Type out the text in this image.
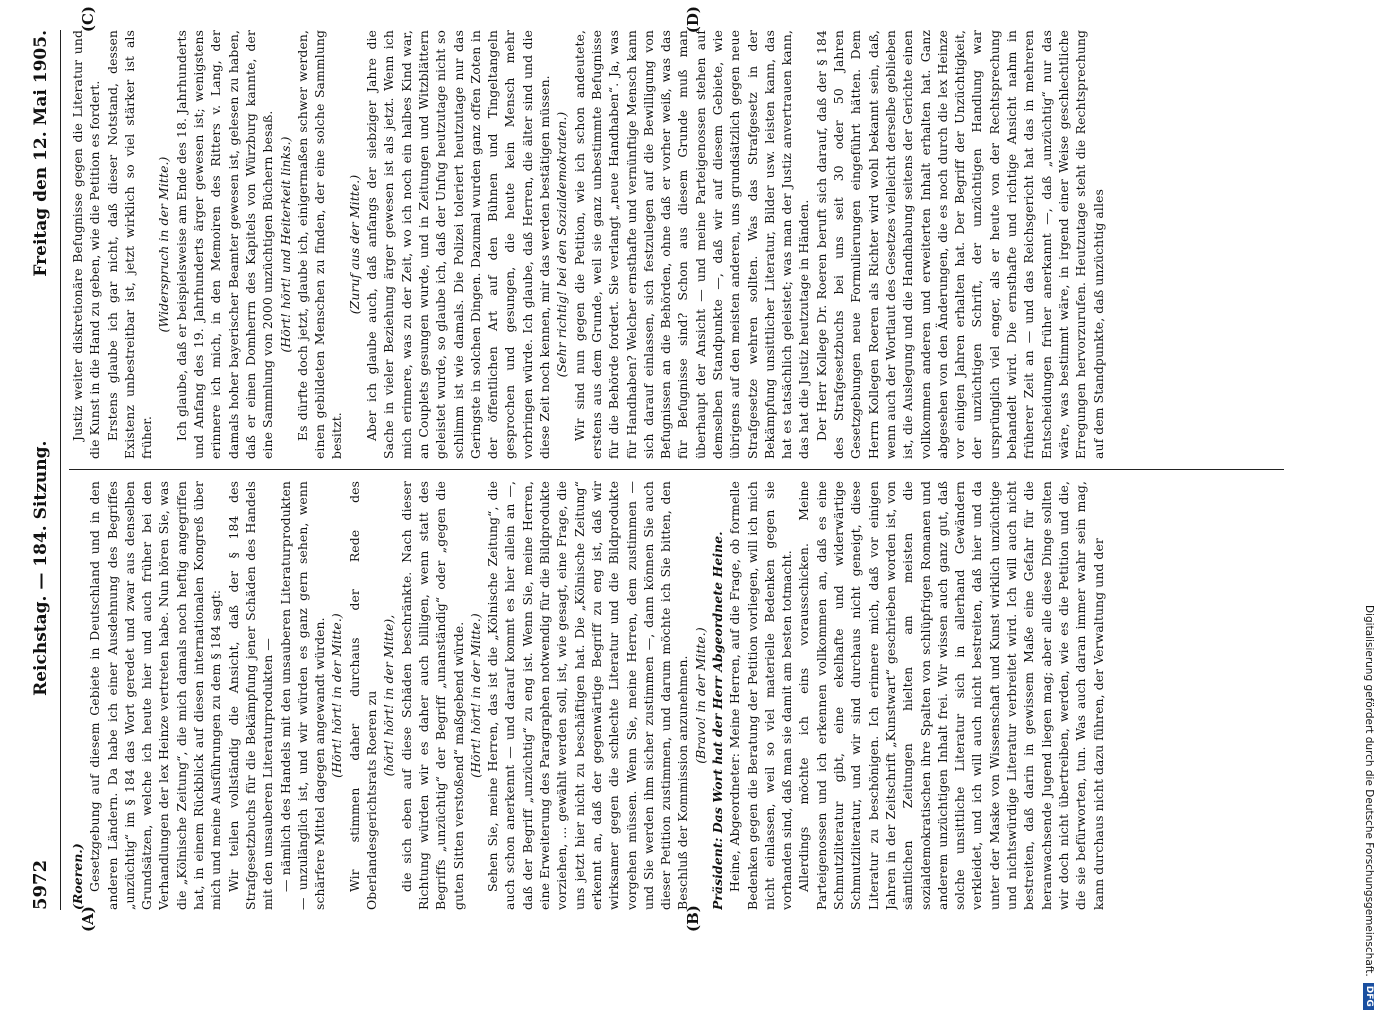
5972
Reichstag. — 184. Sitzung.
Freitag den 12. Mai 1905.
(A)	(B)

(Roeren.) Gesetzgebung auf diesem Gebiete in Deutschland und in den anderen Ländern. Da habe ich einer Ausdehnung des Begriffes „unzüchtig“ im § 184 das Wort geredet und zwar aus denselben Grundsätzen, welche ich heute hier und auch früher bei den Verhandlungen der lex Heinze vertreten habe. Nun hören Sie, was die „Kölnische Zeitung“, die mich damals noch heftig angegriffen hat, in einem Rückblick auf diesen internationalen Kongreß über mich und meine Ausführungen zu dem § 184 sagt: Wir teilen vollständig die Ansicht, daß der § 184 des Strafgesetzbuchs für die Bekämpfung jener Schäden des Handels mit den unsauberen Literaturprodukten — — nämlich des Handels mit den unsauberen Literaturprodukten — unzulänglich ist, und wir würden es ganz gern sehen, wenn schärfere Mittel dagegen angewandt würden. (Hört! hört! in der Mitte.) Wir stimmen daher durchaus der Rede des Oberlandesgerichtsrats Roeren zu (hört! hört! in der Mitte), die sich eben auf diese Schäden beschränkte. Nach dieser Richtung würden wir es daher auch billigen, wenn statt des Begriffs „unzüchtig“ der Begriff „unanständig“ oder „gegen die guten Sitten verstoßend“ maßgebend würde. (Hört! hört! in der Mitte.) Sehen Sie, meine Herren, das ist die „Kölnische Zeitung“, die auch schon anerkennt — und darauf kommt es hier allein an —, daß der Begriff „unzüchtig“ zu eng ist. Wenn Sie, meine Herren, eine Erweiterung des Paragraphen notwendig für die Bildprodukte vorziehen, ... gewählt werden soll, ist, wie gesagt, eine Frage, die uns jetzt hier nicht zu beschäftigen hat. Die „Kölnische Zeitung“ erkennt an, daß der gegenwärtige Begriff zu eng ist, daß wir wirksamer gegen die schlechte Literatur und die Bildprodukte vorgehen müssen. Wenn Sie, meine Herren, dem zustimmen — und Sie werden ihm sicher zustimmen —, dann können Sie auch dieser Petition zustimmen, und darum möchte ich Sie bitten, den Beschluß der Kommission anzunehmen. (Bravo! in der Mitte.) Präsident: Das Wort hat der Herr Abgeordnete Heine. Heine, Abgeordneter: Meine Herren, auf die Frage, ob formelle Bedenken gegen die Beratung der Petition vorliegen, will ich mich nicht einlassen, weil so viel materielle Bedenken gegen sie vorhanden sind, daß man sie damit am besten totmacht. Allerdings möchte ich eins vorausschicken. Meine Parteigenossen und ich erkennen vollkommen an, daß es eine Schmutzliteratur gibt, eine ekelhafte und widerwärtige Schmutzliteratur, und wir sind durchaus nicht geneigt, diese Literatur zu beschönigen. Ich erinnere mich, daß vor einigen Jahren in der Zeitschrift „Kunstwart“ geschrieben worden ist, von sämtlichen Zeitungen hielten am meisten die sozialdemokratischen ihre Spalten von schlüpfrigen Romanen und anderem unzüchtigen Inhalt frei. Wir wissen auch ganz gut, daß solche unsittliche Literatur sich in allerhand Gewändern verkleidet, und ich will auch nicht bestreiten, daß hier und da unter der Maske von Wissenschaft und Kunst wirklich unzüchtige und nichtswürdige Literatur verbreitet wird. Ich will auch nicht bestreiten, daß darin in gewissem Maße eine Gefahr für die heranwachsende Jugend liegen mag; aber alle diese Dinge sollten wir doch nicht übertreiben, werden, wie es die Petition und die, die sie befürworten, tun. Was auch daran immer wahr sein mag, kann durchaus nicht dazu führen, der Verwaltung und der

Justiz weiter diskretionäre Befugnisse gegen die Literatur und die Kunst in die Hand zu geben, wie die Petition es fordert. Erstens glaube ich gar nicht, daß dieser Notstand, dessen Existenz unbestreitbar ist, jetzt wirklich so viel stärker ist als früher.

(Widerspruch in der Mitte.) Ich glaube, daß er beispielsweise am Ende des 18. Jahrhunderts und Anfang des 19. Jahrhunderts ärger gewesen ist; wenigstens erinnere ich mich, in den Memoiren des Ritters v. Lang, der damals hoher bayerischer Beamter gewesen ist, gelesen zu haben, daß er einen Domherrn des Kapitels von Würzburg kannte, der eine Sammlung von 2000 unzüchtigen Büchern besaß. (Hört! hört! und Heiterkeit links.) Es dürfte doch jetzt, glaube ich, einigermaßen schwer werden, einen gebildeten Menschen zu finden, der eine solche Sammlung besitzt.

(Zuruf aus der Mitte.) Aber ich glaube auch, daß anfangs der siebziger Jahre die Sache in vieler Beziehung ärger gewesen ist als jetzt. Wenn ich mich erinnere, was zu der Zeit, wo ich noch ein halbes Kind war, an Couplets gesungen wurde, und in Zeitungen und Witzblättern geleistet wurde, so glaube ich, daß der Unfug heutzutage nicht so schlimm ist wie damals. Die Polizei toleriert heutzutage nur das Geringste in solchen Dingen. Dazumal wurden ganz offen Zoten in der öffentlichen Art auf den Bühnen und Tingeltangeln gesprochen und gesungen, die heute kein Mensch mehr vorbringen würde. Ich glaube, daß Herren, die älter sind und die diese Zeit noch kennen, mir das werden bestätigen müssen. (Sehr richtig! bei den Sozialdemokraten.) Wir sind nun gegen die Petition, wie ich schon andeutete, erstens aus dem Grunde, weil sie ganz unbestimmte Befugnisse für die Behörde fordert. Sie verlangt „neue Handhaben“. Ja, was für Handhaben? Welcher ernsthafte und vernünftige Mensch kann sich darauf einlassen, sich festzulegen auf die Bewilligung von Befugnissen an die Behörden, ohne daß er vorher weiß, was das für Befugnisse sind? Schon aus diesem Grunde muß man überhaupt der Ansicht — und meine Parteigenossen stehen auf demselben Standpunkte —, daß wir auf diesem Gebiete, wie übrigens auf den meisten anderen, uns grundsätzlich gegen neue Strafgesetze wehren sollten. Was das Strafgesetz in der Bekämpfung unsittlicher Literatur, Bilder usw. leisten kann, das hat es tatsächlich geleistet; was man der Justiz anvertrauen kann, das hat die Justiz heutzutage in Händen. Der Herr Kollege Dr. Roeren beruft sich darauf, daß der § 184 des Strafgesetzbuchs bei uns seit 30 oder 50 Jahren Gesetzgebungen neue Formulierungen eingeführt hätten. Dem Herrn Kollegen Roeren als Richter wird wohl bekannt sein, daß, wenn auch der Wortlaut des Gesetzes vielleicht derselbe geblieben ist, die Auslegung und die Handhabung seitens der Gerichte einen vollkommen anderen und erweiterten Inhalt erhalten hat. Ganz abgesehen von den Änderungen, die es noch durch die lex Heinze vor einigen Jahren erhalten hat. Der Begriff der Unzüchtigkeit, der unzüchtigen Schrift, der unzüchtigen Handlung war ursprünglich viel enger, als er heute von der Rechtsprechung behandelt wird. Die ernsthafte und richtige Ansicht nahm in früherer Zeit an — und das Reichsgericht hat das in mehreren Entscheidungen früher anerkannt —, daß „unzüchtig“ nur das wäre, was bestimmt wäre, in irgend einer Weise geschlechtliche Erregungen hervorzurufen. Heutzutage steht die Rechtsprechung auf dem Standpunkte, daß unzüchtig alles

(C)	(D)
Digitalisierung gefördert durch die Deutsche Forschungsgemeinschaft.
DFG
